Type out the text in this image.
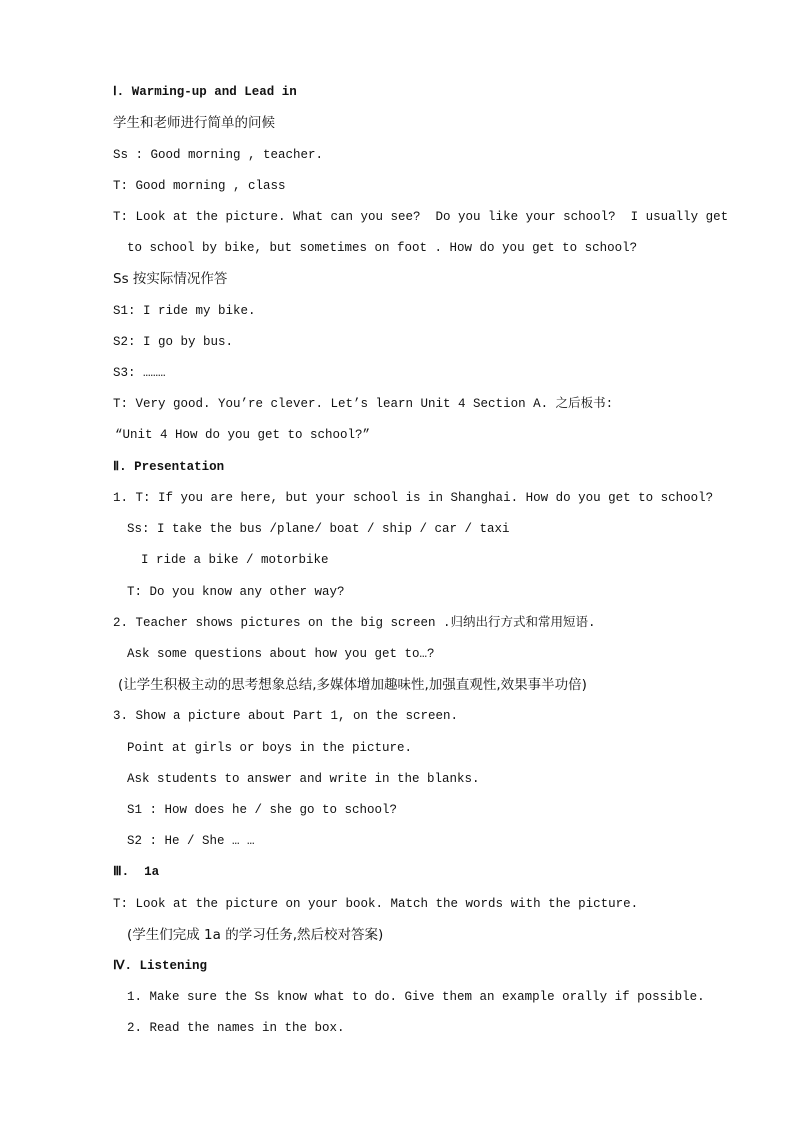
Ⅰ. Warming-up and Lead in
学生和老师进行简单的问候
Ss : Good morning , teacher.
T: Good morning , class
T: Look at the picture. What can you see?  Do you like your school?  I usually get
to school by bike, but sometimes on foot . How do you get to school?
Ss 按实际情况作答
S1: I ride my bike.
S2: I go by bus.
S3: ………
T: Very good. You’re clever. Let’s learn Unit 4 Section A. 之后板书:
“Unit 4 How do you get to school?”
Ⅱ. Presentation
1. T: If you are here, but your school is in Shanghai. How do you get to school?
Ss: I take the bus /plane/ boat / ship / car / taxi
I ride a bike / motorbike
T: Do you know any other way?
2. Teacher shows pictures on the big screen .归纳出行方式和常用短语.
Ask some questions about how you get to…?
(让学生积极主动的思考想象总结,多媒体增加趣味性,加强直观性,效果事半功倍)
3. Show a picture about Part 1, on the screen.
Point at girls or boys in the picture.
Ask students to answer and write in the blanks.
S1 : How does he / she go to school?
S2 : He / She … …
Ⅲ.  1a
T: Look at the picture on your book. Match the words with the picture.
(学生们完成 1a 的学习任务,然后校对答案)
Ⅳ. Listening
1. Make sure the Ss know what to do. Give them an example orally if possible.
2. Read the names in the box.
